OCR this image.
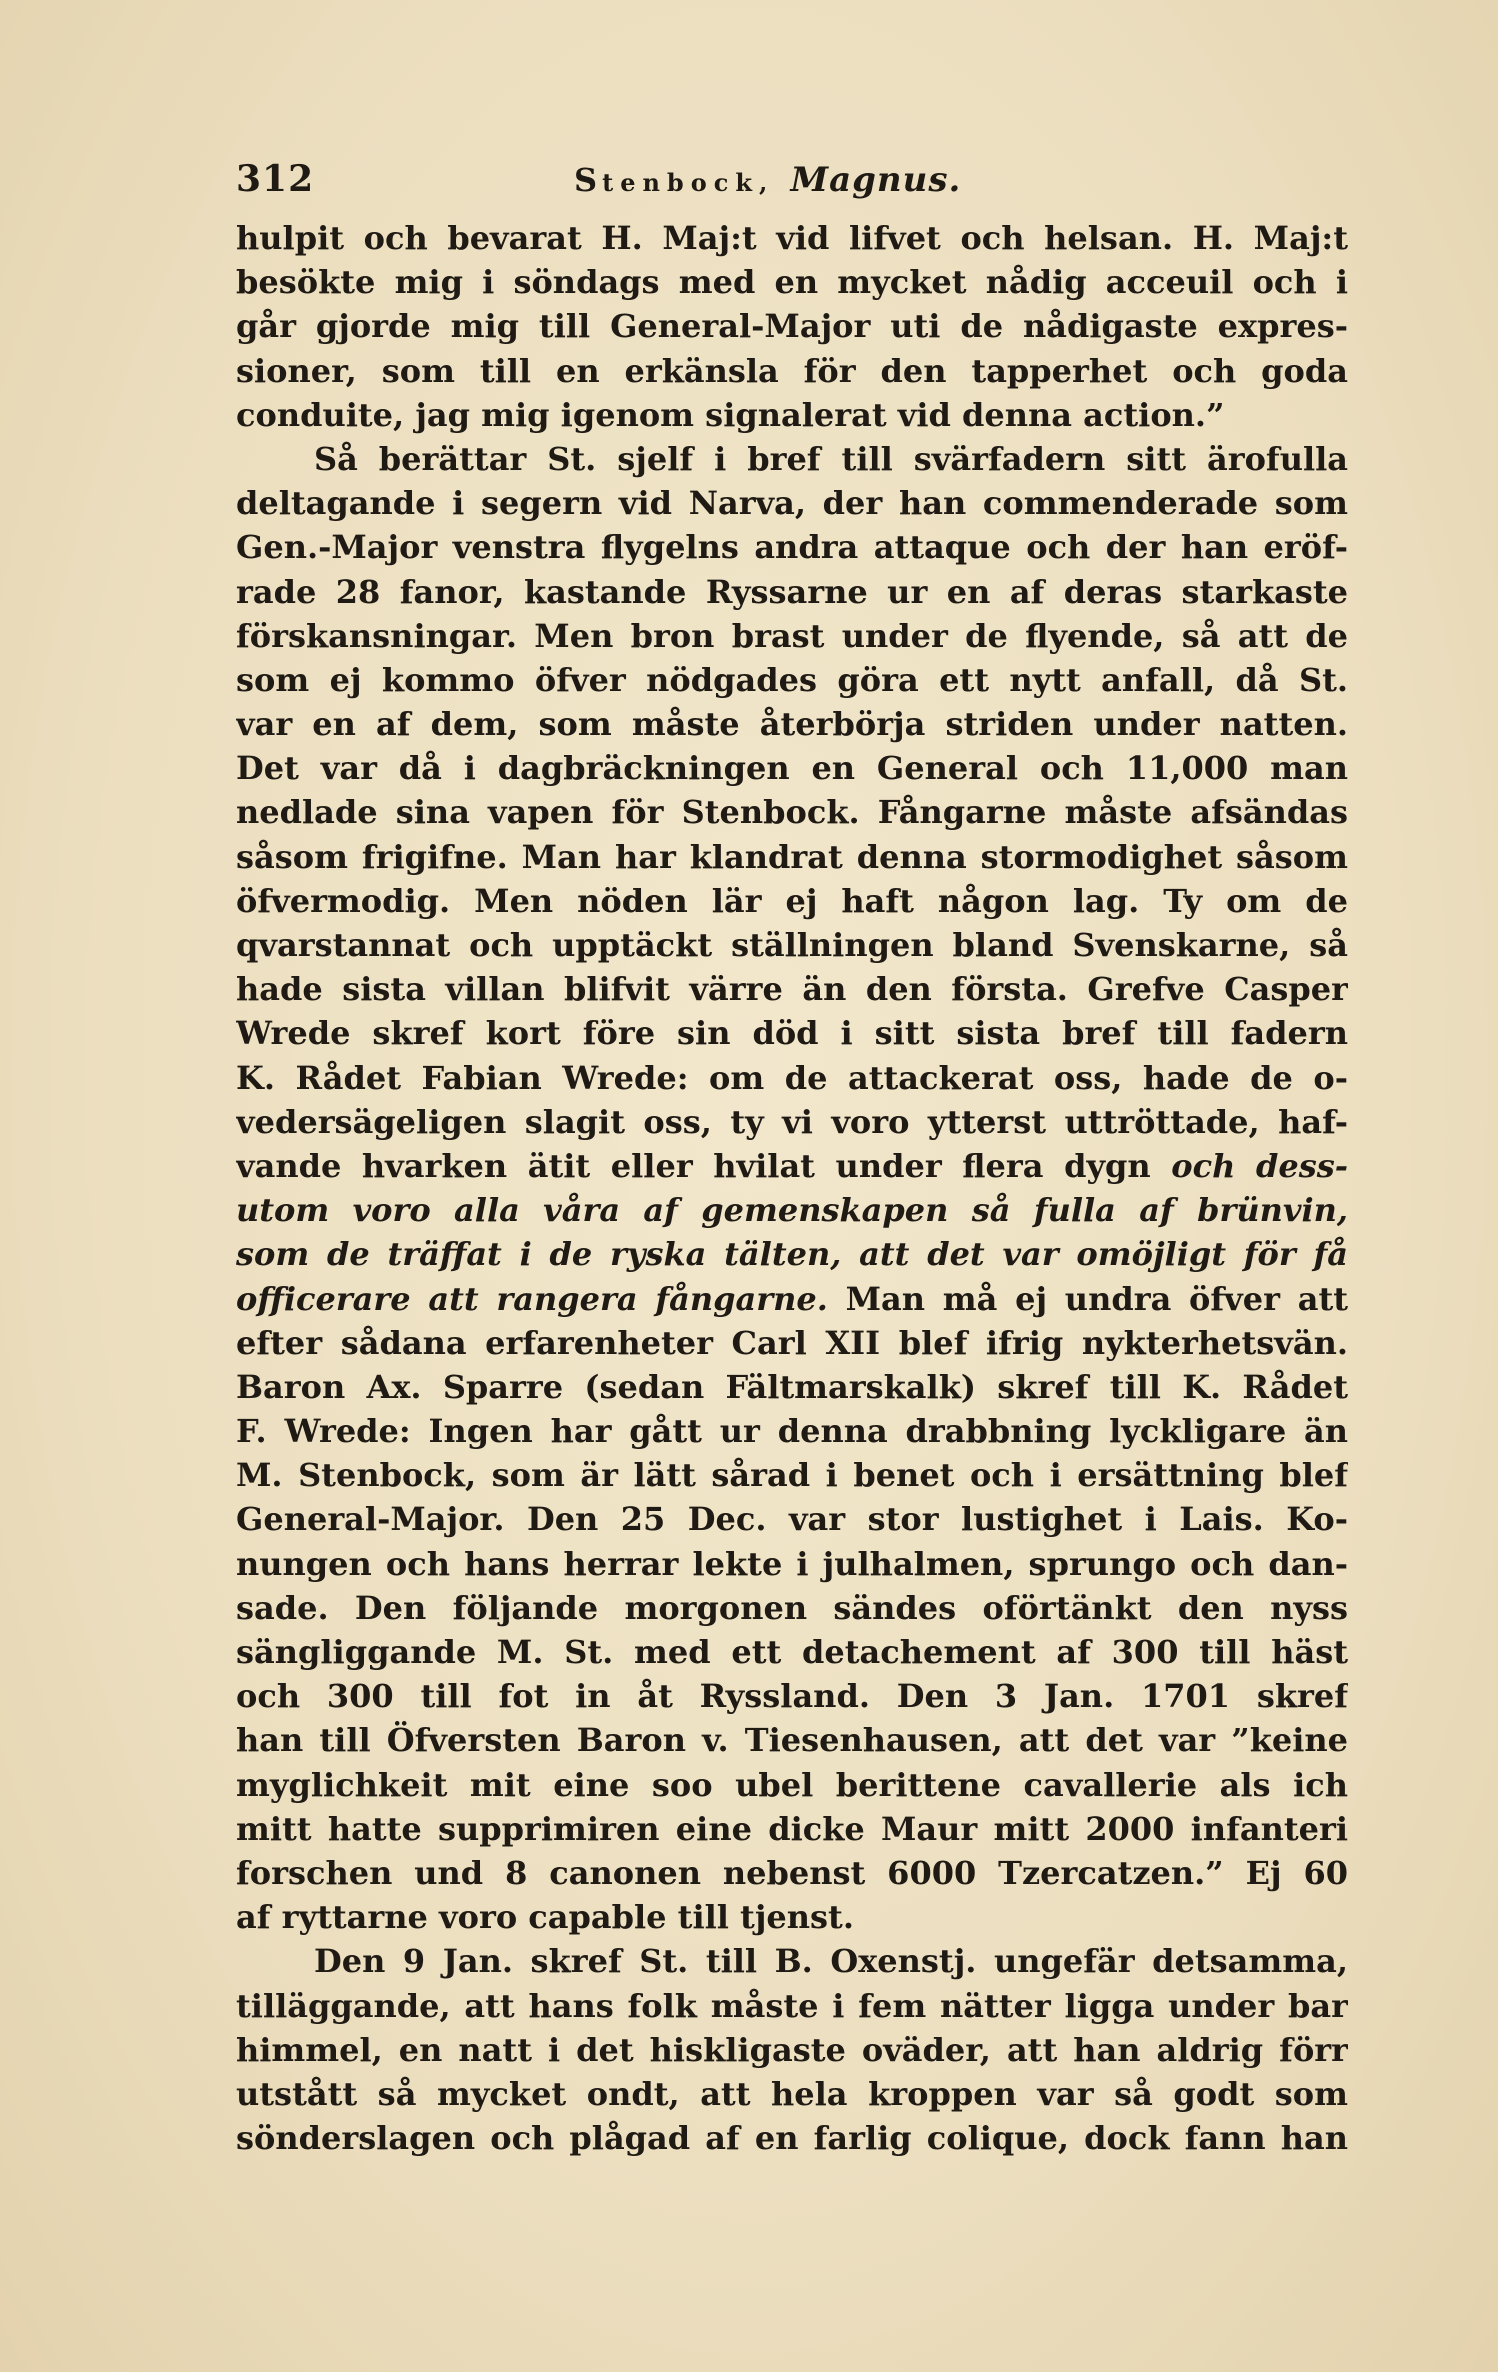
312	Stenbock, Magnus.
hulpit och bevarat H. Maj:t vid lifvet och helsan. H. Maj:t
besökte mig i söndags med en mycket nådig acceuil och i
går gjorde mig till General-Major uti de nådigaste expres-
sioner, som till en erkänsla för den tapperhet och goda
conduite, jag mig igenom signalerat vid denna action.”
Så berättar St. sjelf i bref till svärfadern sitt ärofulla
deltagande i segern vid Narva, der han commenderade som
Gen.-Major venstra flygelns andra attaque och der han eröf-
rade 28 fanor, kastande Ryssarne ur en af deras starkaste
förskansningar. Men bron brast under de flyende, så att de
som ej kommo öfver nödgades göra ett nytt anfall, då St.
var en af dem, som måste återbörja striden under natten.
Det var då i dagbräckningen en General och 11,000 man
nedlade sina vapen för Stenbock. Fångarne måste afsändas
såsom frigifne. Man har klandrat denna stormodighet såsom
öfvermodig. Men nöden lär ej haft någon lag. Ty om de
qvarstannat och upptäckt ställningen bland Svenskarne, så
hade sista villan blifvit värre än den första. Grefve Casper
Wrede skref kort före sin död i sitt sista bref till fadern
K. Rådet Fabian Wrede: om de attackerat oss, hade de o-
vedersägeligen slagit oss, ty vi voro ytterst uttröttade, haf-
vande hvarken ätit eller hvilat under flera dygn och dess-
utom voro alla våra af gemenskapen så fulla af brünvin,
som de träffat i de ryska tälten, att det var omöjligt för få
officerare att rangera fångarne. Man må ej undra öfver att
efter sådana erfarenheter Carl XII blef ifrig nykterhetsvän.
Baron Ax. Sparre (sedan Fältmarskalk) skref till K. Rådet
F. Wrede: Ingen har gått ur denna drabbning lyckligare än
M. Stenbock, som är lätt sårad i benet och i ersättning blef
General-Major. Den 25 Dec. var stor lustighet i Lais. Ko-
nungen och hans herrar lekte i julhalmen, sprungo och dan-
sade. Den följande morgonen sändes oförtänkt den nyss
sängliggande M. St. med ett detachement af 300 till häst
och 300 till fot in åt Ryssland. Den 3 Jan. 1701 skref
han till Öfversten Baron v. Tiesenhausen, att det var ”keine
myglichkeit mit eine soo ubel berittene cavallerie als ich
mitt hatte supprimiren eine dicke Maur mitt 2000 infanteri
forschen und 8 canonen nebenst 6000 Tzercatzen.” Ej 60
af ryttarne voro capable till tjenst.
Den 9 Jan. skref St. till B. Oxenstj. ungefär detsamma,
tilläggande, att hans folk måste i fem nätter ligga under bar
himmel, en natt i det hiskligaste oväder, att han aldrig förr
utstått så mycket ondt, att hela kroppen var så godt som
sönderslagen och plågad af en farlig colique, dock fann han
